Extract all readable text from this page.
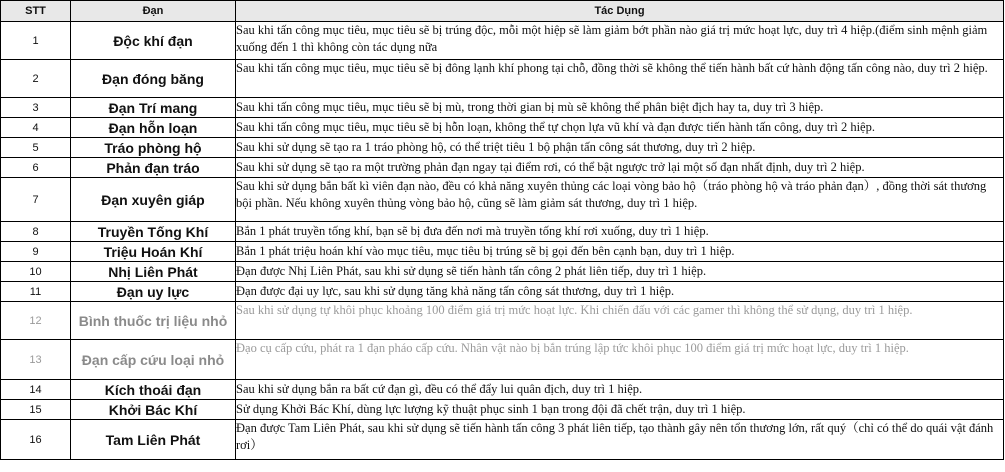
STT	Đạn	Tác Dụng
1	Độc khí đạn	Sau khi tấn công mục tiêu, mục tiêu sẽ bị trúng độc, mỗi một hiệp sẽ làm giảm bớt phần nào giá trị mức hoạt lực, duy trì 4 hiệp.(điểm sinh mệnh giảm xuống đến 1 thì không còn tác dụng nữa
2	Đạn đóng băng	Sau khi tấn công mục tiêu, mục tiêu sẽ bị đông lạnh khí phong tại chỗ, đồng thời sẽ không thể tiến hành bất cứ hành động tấn công nào, duy trì 2 hiệp.
3	Đạn Trí mang	Sau khi tấn công mục tiêu, mục tiêu sẽ bị mù, trong thời gian bị mù sẽ không thể phân biệt địch hay ta, duy trì 3 hiệp.
4	Đạn hỗn loạn	Sau khi tấn công mục tiêu, mục tiêu sẽ bị hỗn loạn, không thể tự chọn lựa vũ khí và đạn được tiến hành tấn công, duy trì 2 hiệp.
5	Tráo phòng hộ	Sau khi sử dụng sẽ tạo ra 1 tráo phòng hộ, có thể triệt tiêu 1 bộ phận tấn công sát thương, duy trì 2 hiệp.
6	Phản đạn tráo	Sau khi sử dụng sẽ tạo ra một trường phản đạn ngay tại điểm rơi, có thể bật ngược trở lại một số đạn nhất định, duy trì 2 hiệp.
7	Đạn xuyên giáp	Sau khi sử dụng bắn bất kì viên đạn nào, đều có khả năng xuyên thủng các loại vòng bảo hộ（tráo phòng hộ và tráo phản đạn）, đồng thời sát thương bội phần. Nếu không xuyên thủng vòng bảo hộ, cũng sẽ làm giảm sát thương, duy trì 1 hiệp.
8	Truyền Tống Khí	Bắn 1 phát truyền tống khí, bạn sẽ bị đưa đến nơi mà truyền tống khí rơi xuống, duy trì 1 hiệp.
9	Triệu Hoán Khí	Bắn 1 phát triệu hoán khí vào mục tiêu, mục tiêu bị trúng sẽ bị gọi đến bên cạnh bạn, duy trì 1 hiệp.
10	Nhị Liên Phát	Đạn được Nhị Liên Phát, sau khi sử dụng sẽ tiến hành tấn công 2 phát liên tiếp, duy trì 1 hiệp.
11	Đạn uy lực	Đạn được đại uy lực, sau khi sử dụng tăng khả năng tấn công sát thương, duy trì 1 hiệp.
12	Bình thuốc trị liệu nhỏ	Sau khi sử dụng tự khôi phục khoảng 100 điểm giá trị mức hoạt lực. Khi chiến đấu với các gamer thì không thể sử dụng, duy trì 1 hiệp.
13	Đạn cấp cứu loại nhỏ	Đạo cụ cấp cứu, phát ra 1 đạn pháo cấp cứu. Nhân vật nào bị bắn trúng lập tức khôi phục 100 điểm giá trị mức hoạt lực, duy trì 1 hiệp.
14	Kích thoái đạn	Sau khi sử dụng bắn ra bất cứ đạn gì, đều có thể đẩy lui quân địch, duy trì 1 hiệp.
15	Khởi Bác Khí	Sử dụng Khởi Bác Khí, dùng lực lượng kỹ thuật phục sinh 1 bạn trong đội đã chết trận, duy trì 1 hiệp.
16	Tam Liên Phát	Đạn được Tam Liên Phát, sau khi sử dụng sẽ tiến hành tấn công 3 phát liên tiếp, tạo thành gây nên tổn thương lớn, rất quý（chỉ có thể do quái vật đánh rơi）
